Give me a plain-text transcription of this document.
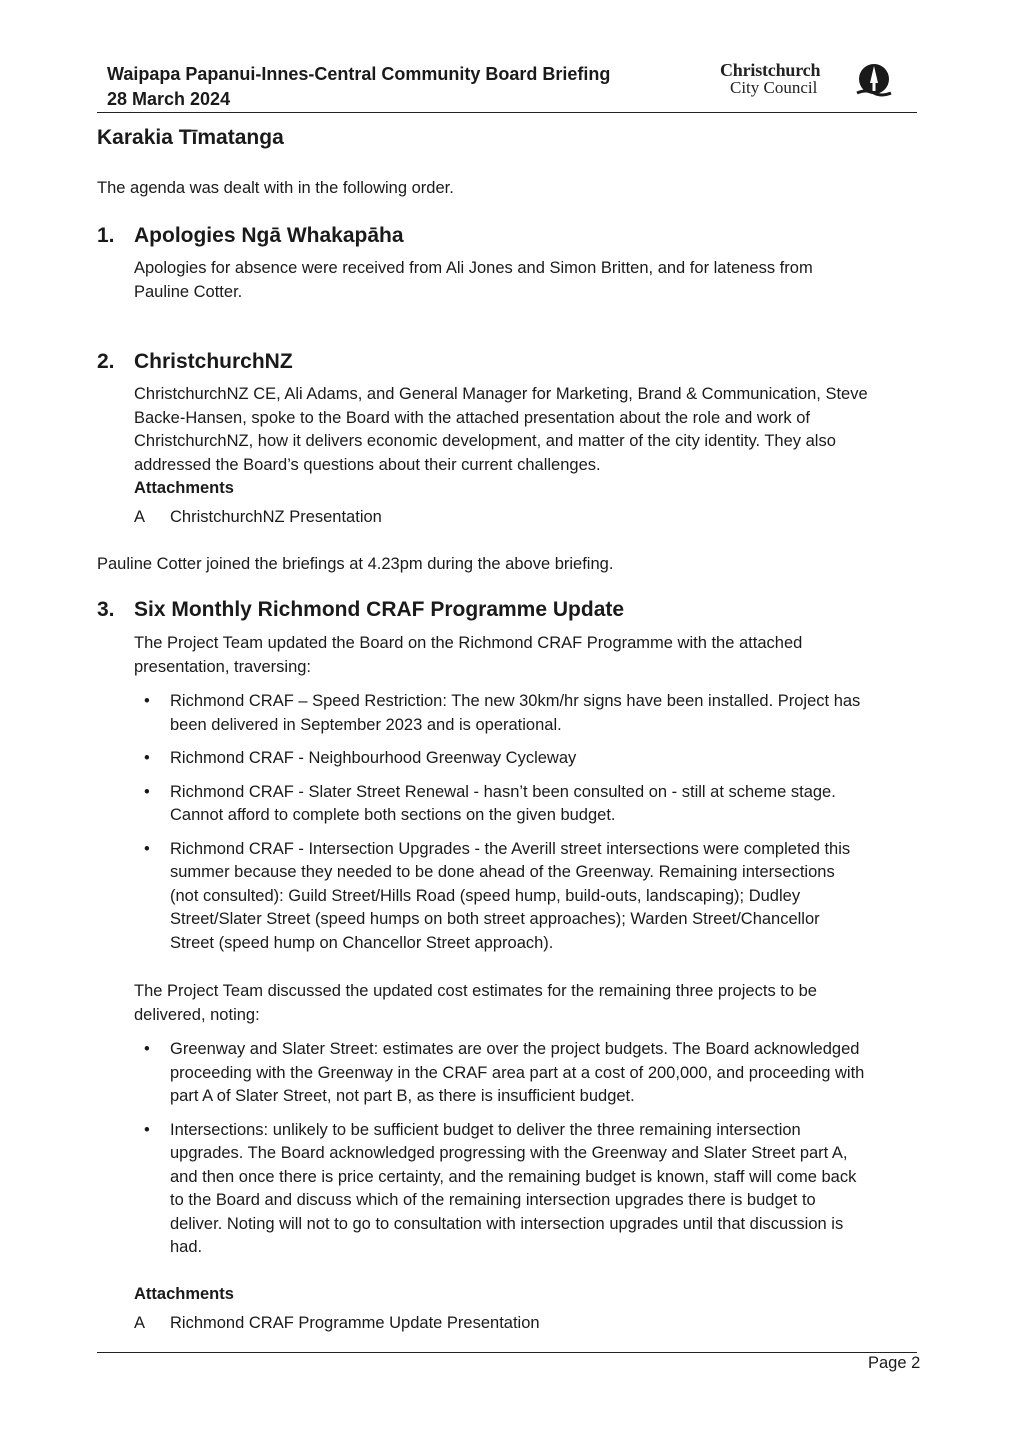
Waipapa Papanui-Innes-Central Community Board Briefing
28 March 2024
Christchurch
City Council
Karakia Tīmatanga
The agenda was dealt with in the following order.
1. Apologies Ngā Whakapāha
Apologies for absence were received from Ali Jones and Simon Britten, and for lateness from
Pauline Cotter.
2. ChristchurchNZ
ChristchurchNZ CE, Ali Adams, and General Manager for Marketing, Brand & Communication, Steve
Backe-Hansen, spoke to the Board with the attached presentation about the role and work of
ChristchurchNZ, how it delivers economic development, and matter of the city identity. They also
addressed the Board’s questions about their current challenges.
Attachments
A ChristchurchNZ Presentation
Pauline Cotter joined the briefings at 4.23pm during the above briefing.
3. Six Monthly Richmond CRAF Programme Update
The Project Team updated the Board on the Richmond CRAF Programme with the attached
presentation, traversing:
• Richmond CRAF – Speed Restriction: The new 30km/hr signs have been installed. Project has
been delivered in September 2023 and is operational.
• Richmond CRAF - Neighbourhood Greenway Cycleway
• Richmond CRAF - Slater Street Renewal - hasn’t been consulted on - still at scheme stage.
Cannot afford to complete both sections on the given budget.
• Richmond CRAF - Intersection Upgrades - the Averill street intersections were completed this
summer because they needed to be done ahead of the Greenway. Remaining intersections
(not consulted): Guild Street/Hills Road (speed hump, build-outs, landscaping); Dudley
Street/Slater Street (speed humps on both street approaches); Warden Street/Chancellor
Street (speed hump on Chancellor Street approach).
The Project Team discussed the updated cost estimates for the remaining three projects to be
delivered, noting:
• Greenway and Slater Street: estimates are over the project budgets. The Board acknowledged
proceeding with the Greenway in the CRAF area part at a cost of 200,000, and proceeding with
part A of Slater Street, not part B, as there is insufficient budget.
• Intersections: unlikely to be sufficient budget to deliver the three remaining intersection
upgrades. The Board acknowledged progressing with the Greenway and Slater Street part A,
and then once there is price certainty, and the remaining budget is known, staff will come back
to the Board and discuss which of the remaining intersection upgrades there is budget to
deliver. Noting will not to go to consultation with intersection upgrades until that discussion is
had.
Attachments
A Richmond CRAF Programme Update Presentation
Page 2
